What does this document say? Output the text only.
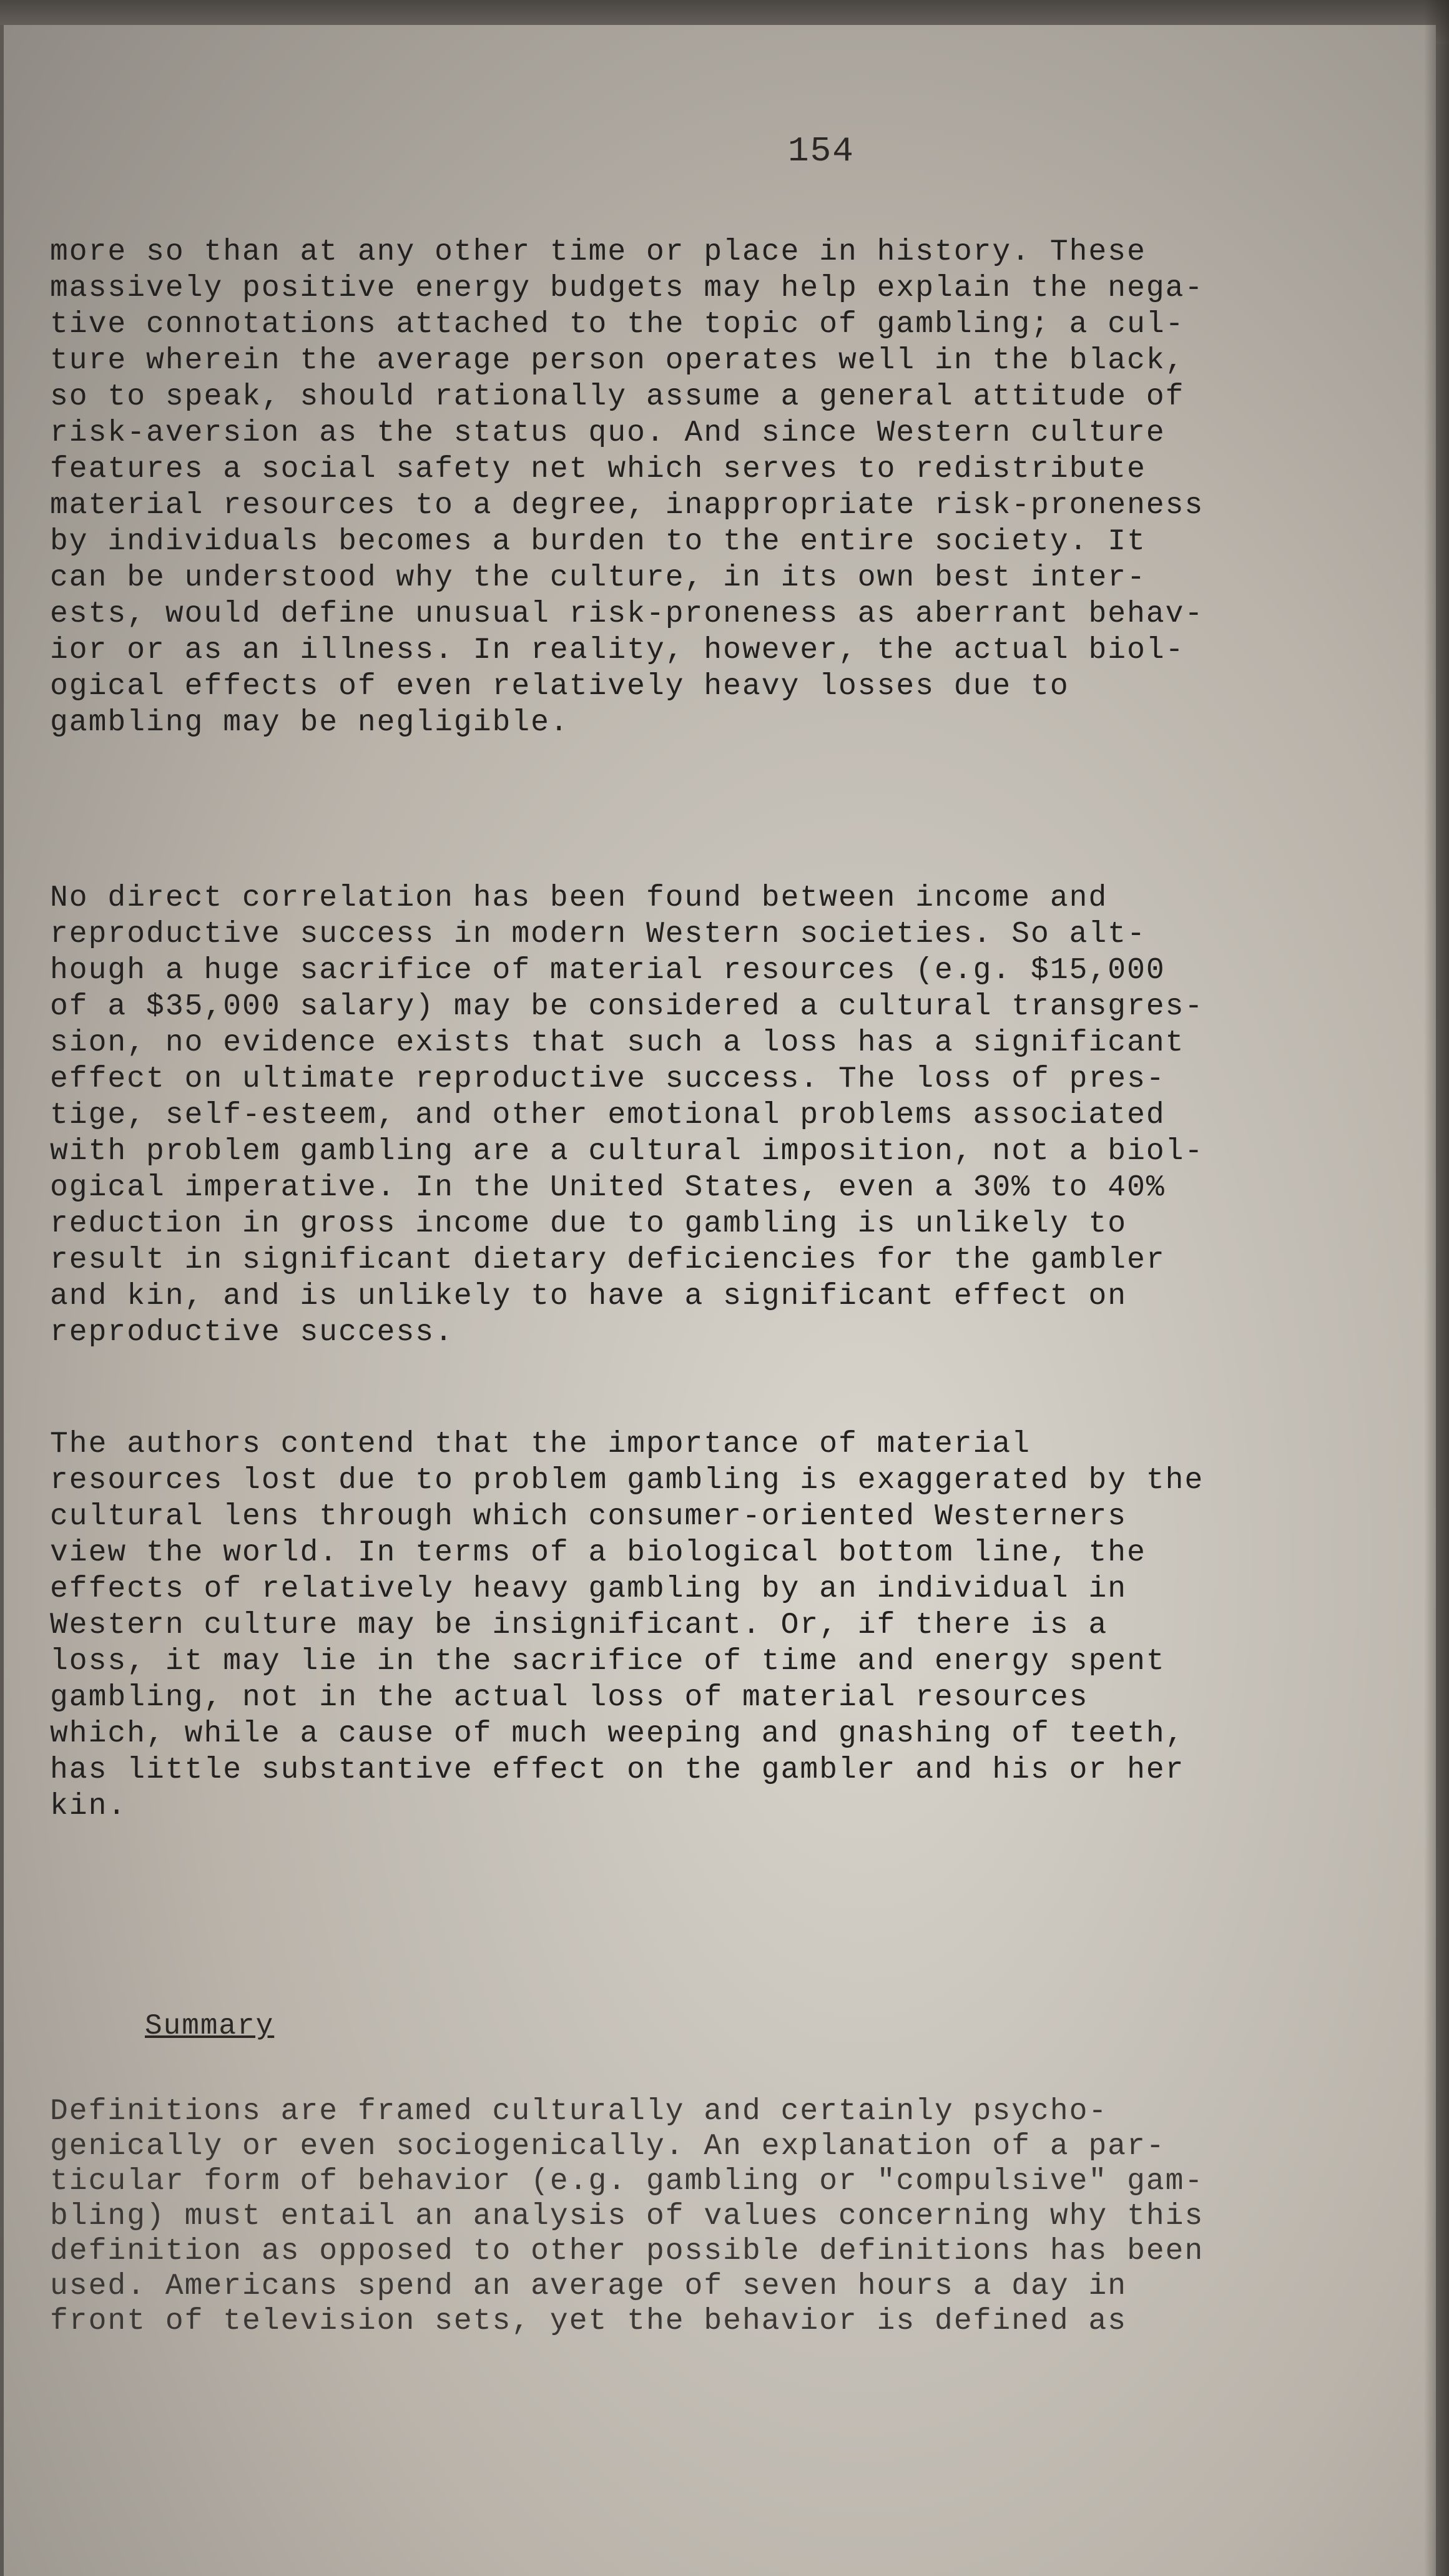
154
more so than at any other time or place in history. These
massively positive energy budgets may help explain the nega-
tive connotations attached to the topic of gambling; a cul-
ture wherein the average person operates well in the black,
so to speak, should rationally assume a general attitude of
risk-aversion as the status quo. And since Western culture
features a social safety net which serves to redistribute
material resources to a degree, inappropriate risk-proneness
by individuals becomes a burden to the entire society. It
can be understood why the culture, in its own best inter-
ests, would define unusual risk-proneness as aberrant behav-
ior or as an illness. In reality, however, the actual biol-
ogical effects of even relatively heavy losses due to
gambling may be negligible.
No direct correlation has been found between income and
reproductive success in modern Western societies. So alt-
hough a huge sacrifice of material resources (e.g. $15,000
of a $35,000 salary) may be considered a cultural transgres-
sion, no evidence exists that such a loss has a significant
effect on ultimate reproductive success. The loss of pres-
tige, self-esteem, and other emotional problems associated
with problem gambling are a cultural imposition, not a biol-
ogical imperative. In the United States, even a 30% to 40%
reduction in gross income due to gambling is unlikely to
result in significant dietary deficiencies for the gambler
and kin, and is unlikely to have a significant effect on
reproductive success.
The authors contend that the importance of material
resources lost due to problem gambling is exaggerated by the
cultural lens through which consumer-oriented Westerners
view the world. In terms of a biological bottom line, the
effects of relatively heavy gambling by an individual in
Western culture may be insignificant. Or, if there is a
loss, it may lie in the sacrifice of time and energy spent
gambling, not in the actual loss of material resources
which, while a cause of much weeping and gnashing of teeth,
has little substantive effect on the gambler and his or her
kin.
Summary
Definitions are framed culturally and certainly psycho-
genically or even sociogenically. An explanation of a par-
ticular form of behavior (e.g. gambling or "compulsive" gam-
bling) must entail an analysis of values concerning why this
definition as opposed to other possible definitions has been
used. Americans spend an average of seven hours a day in
front of television sets, yet the behavior is defined as
